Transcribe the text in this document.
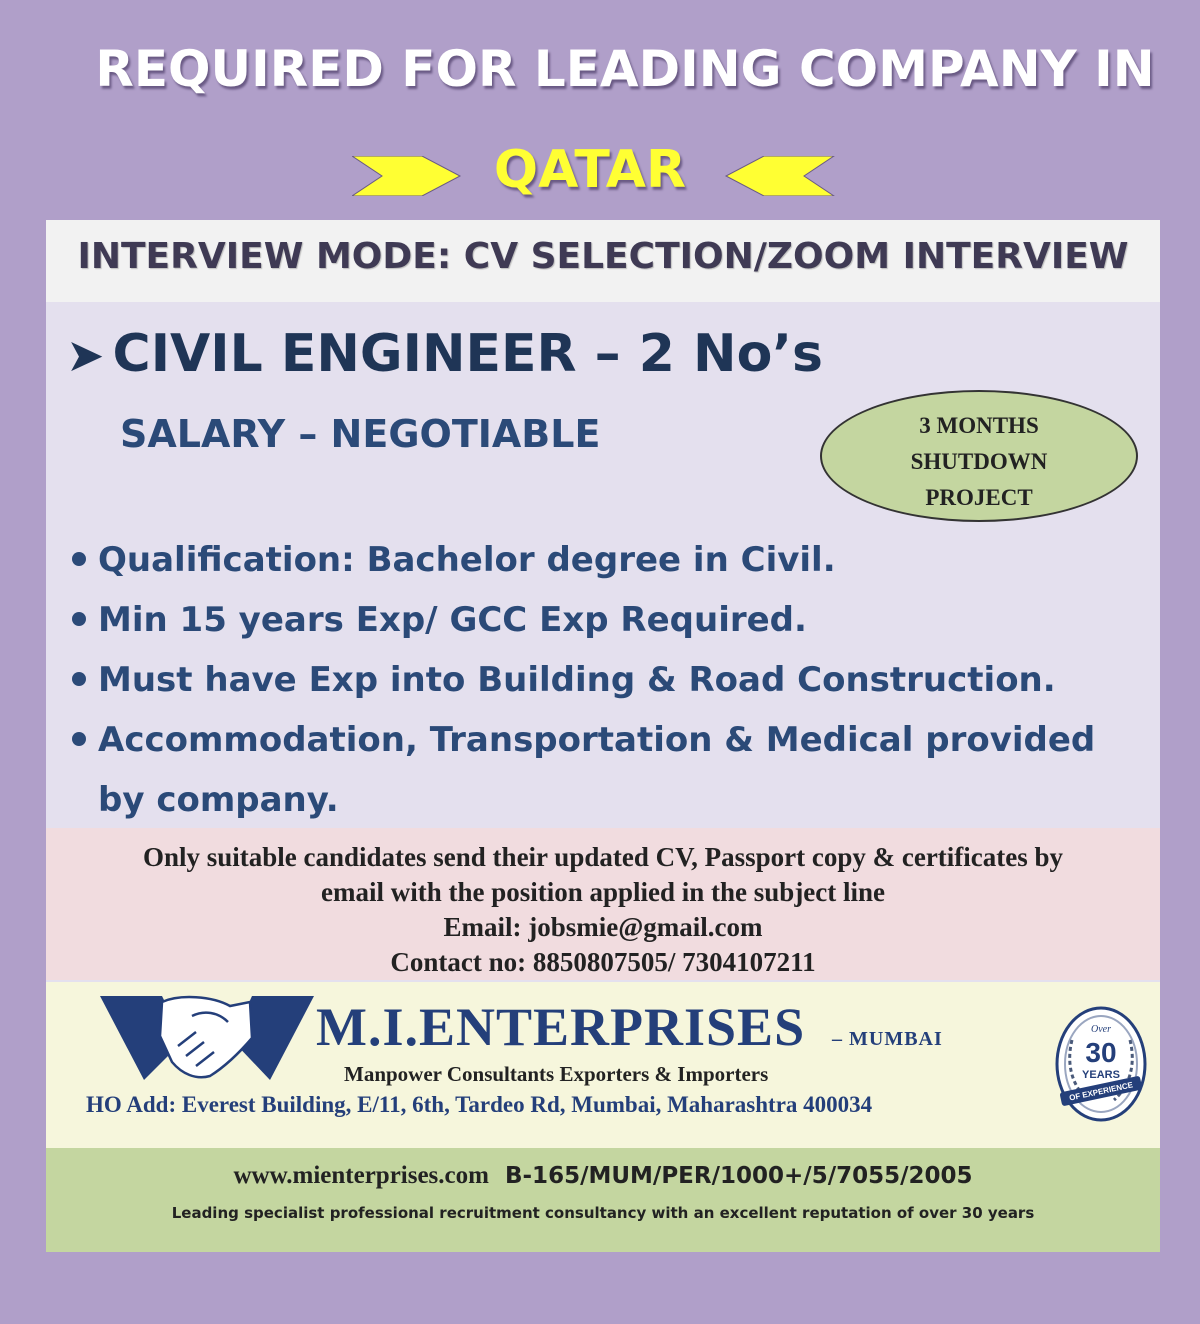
REQUIRED FOR LEADING COMPANY IN
QATAR
INTERVIEW MODE: CV SELECTION/ZOOM INTERVIEW
➤ CIVIL ENGINEER – 2 No’s
SALARY – NEGOTIABLE	3 MONTHS
SHUTDOWN
PROJECT
Qualification: Bachelor degree in Civil.
Min 15 years Exp/ GCC Exp Required.
Must have Exp into Building & Road Construction.
Accommodation, Transportation & Medical provided by company.

Only suitable candidates send their updated CV, Passport copy & certificates by

email with the position applied in the subject line

Email: jobsmie@gmail.com

Contact no: 8850807505/ 7304107211

M.I.ENTERPRISES – MUMBAI
Manpower Consultants Exporters & Importers
HO Add: Everest Building, E/11, 6th, Tardeo Rd, Mumbai, Maharashtra 400034
Over
30
YEARS
OF EXPERIENCE
www.mienterprises.com B-165/MUM/PER/1000+/5/7055/2005
Leading specialist professional recruitment consultancy with an excellent reputation of over 30 years
